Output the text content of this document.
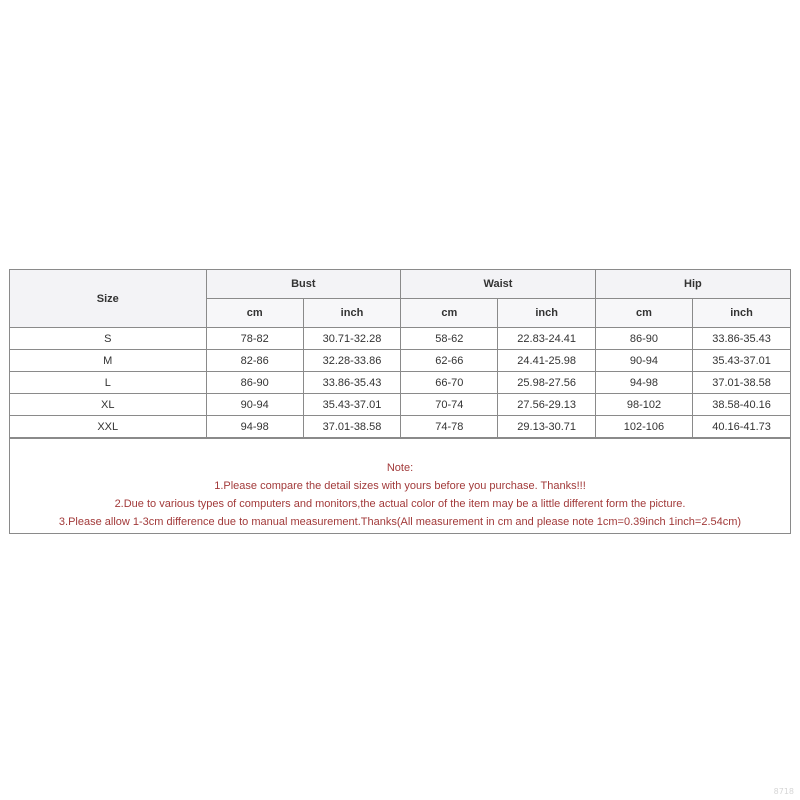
Size	Bust		Waist		Hip	
	cm	inch	cm	inch	cm	inch
S	78-82	30.71-32.28	58-62	22.83-24.41	86-90	33.86-35.43
M	82-86	32.28-33.86	62-66	24.41-25.98	90-94	35.43-37.01
L	86-90	33.86-35.43	66-70	25.98-27.56	94-98	37.01-38.58
XL	90-94	35.43-37.01	70-74	27.56-29.13	98-102	38.58-40.16
XXL	94-98	37.01-38.58	74-78	29.13-30.71	102-106	40.16-41.73
Note:
1.Please compare the detail sizes with yours before you purchase. Thanks!!!
2.Due to various types of computers and monitors,the actual color of the item may be a little different form the picture.
3.Please allow 1-3cm difference due to manual measurement.Thanks(All measurement in cm and please note 1cm=0.39inch 1inch=2.54cm)
8718
